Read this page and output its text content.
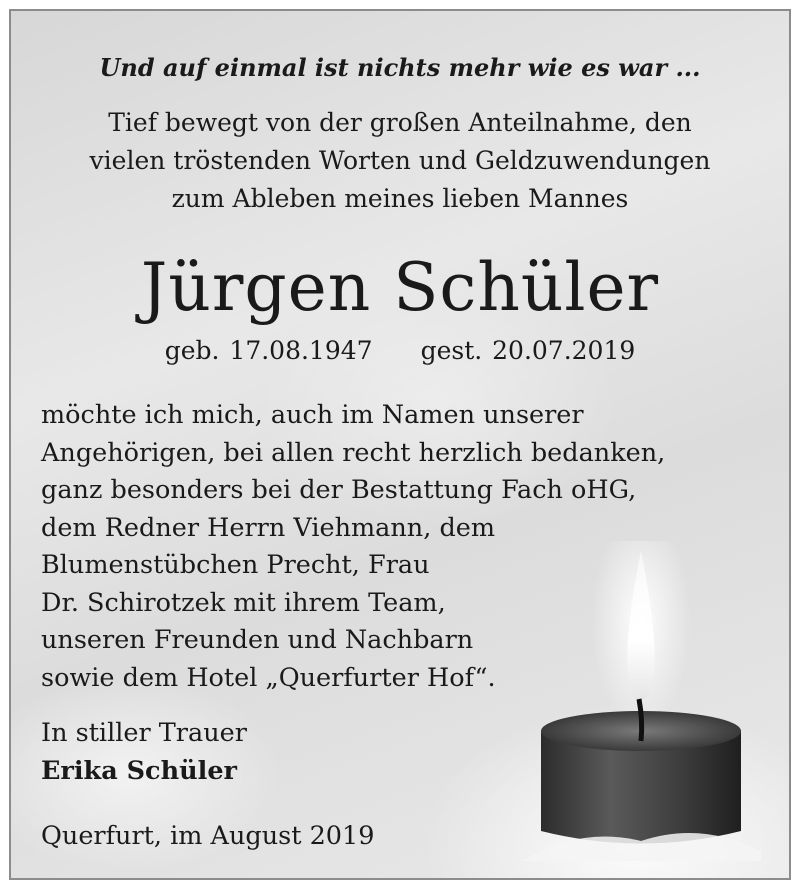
Und auf einmal ist nichts mehr wie es war ...
Tief bewegt von der großen Anteilnahme, den
vielen tröstenden Worten und Geldzuwendungen
zum Ableben meines lieben Mannes
Jürgen Schüler
geb. 17.08.1947 gest. 20.07.2019
möchte ich mich, auch im Namen unserer
Angehörigen, bei allen recht herzlich bedanken,
ganz besonders bei der Bestattung Fach oHG,
dem Redner Herrn Viehmann, dem
Blumenstübchen Precht, Frau
Dr. Schirotzek mit ihrem Team,
unseren Freunden und Nachbarn
sowie dem Hotel „Querfurter Hof“.
In stiller Trauer
Erika Schüler
Querfurt, im August 2019
